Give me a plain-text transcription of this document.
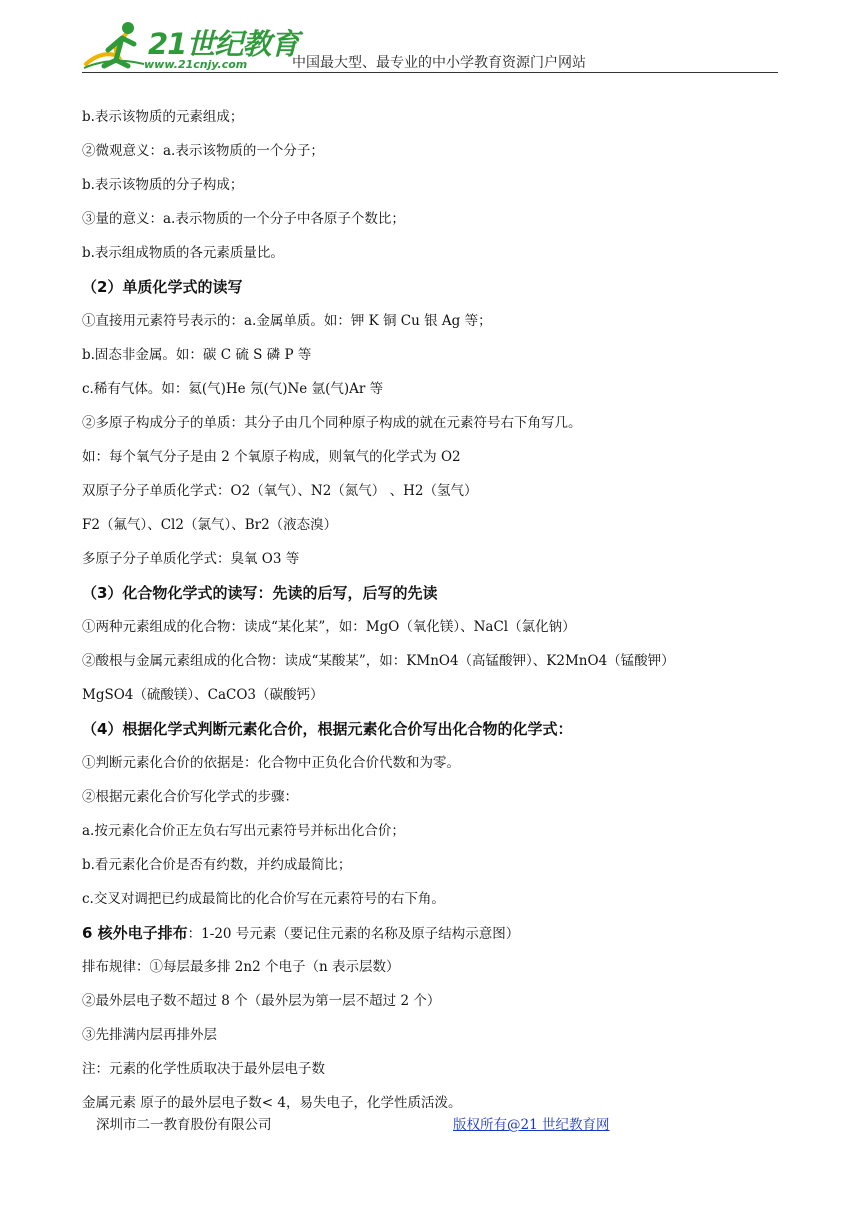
21世纪教育
www.21cnjy.com	中国最大型、最专业的中小学教育资源门户网站
b.表示该物质的元素组成；
②微观意义：a.表示该物质的一个分子；
b.表示该物质的分子构成；
③量的意义：a.表示物质的一个分子中各原子个数比；
b.表示组成物质的各元素质量比。
（2）单质化学式的读写
①直接用元素符号表示的：a.金属单质。如：钾 K 铜 Cu 银 Ag 等；
b.固态非金属。如：碳 C 硫 S 磷 P 等
c.稀有气体。如：氦(气)He 氖(气)Ne 氩(气)Ar 等
②多原子构成分子的单质：其分子由几个同种原子构成的就在元素符号右下角写几。
如：每个氧气分子是由 2 个氧原子构成，则氧气的化学式为 O2
双原子分子单质化学式：O2（氧气）、N2（氮气） 、H2（氢气）
F2（氟气）、Cl2（氯气）、Br2（液态溴）
多原子分子单质化学式：臭氧 O3 等
（3）化合物化学式的读写：先读的后写，后写的先读
①两种元素组成的化合物：读成“某化某”，如：MgO（氧化镁）、NaCl（氯化钠）
②酸根与金属元素组成的化合物：读成“某酸某”，如：KMnO4（高锰酸钾）、K2MnO4（锰酸钾）
MgSO4（硫酸镁）、CaCO3（碳酸钙）
（4）根据化学式判断元素化合价，根据元素化合价写出化合物的化学式：
①判断元素化合价的依据是：化合物中正负化合价代数和为零。
②根据元素化合价写化学式的步骤：
a.按元素化合价正左负右写出元素符号并标出化合价；
b.看元素化合价是否有约数，并约成最简比；
c.交叉对调把已约成最简比的化合价写在元素符号的右下角。
6 核外电子排布：1-20 号元素（要记住元素的名称及原子结构示意图）
排布规律：①每层最多排 2n2 个电子（n 表示层数）
②最外层电子数不超过 8 个（最外层为第一层不超过 2 个）
③先排满内层再排外层
注：元素的化学性质取决于最外层电子数
金属元素 原子的最外层电子数< 4，易失电子，化学性质活泼。
深圳市二一教育股份有限公司	版权所有@21 世纪教育网
